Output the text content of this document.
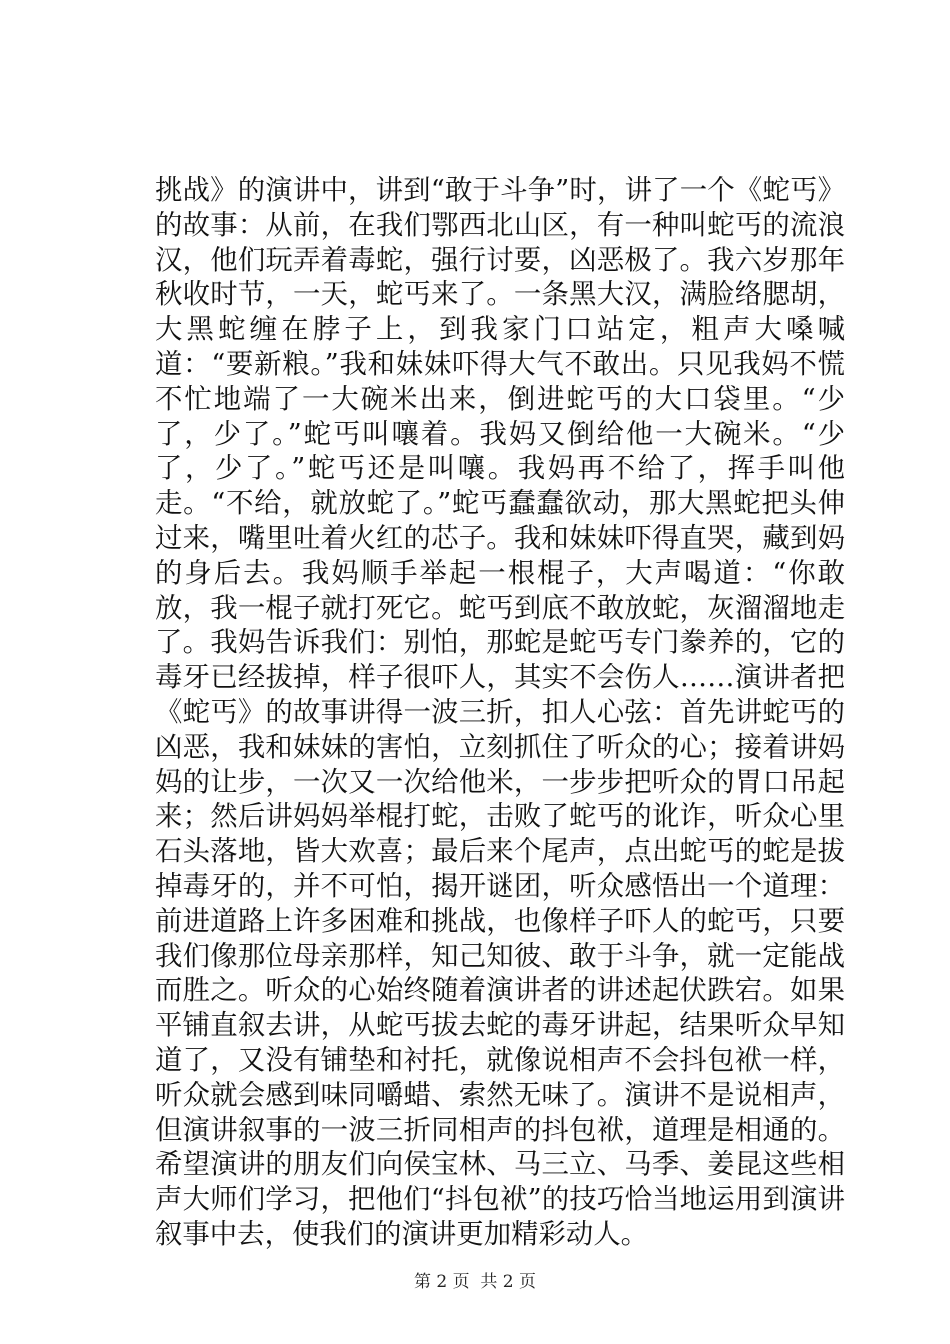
挑战》的演讲中，讲到“敢于斗争”时，讲了一个《蛇丐》的故事：从前，在我们鄂西北山区，有一种叫蛇丐的流浪汉，他们玩弄着毒蛇，强行讨要，凶恶极了。我六岁那年秋收时节，一天，蛇丐来了。一条黑大汉，满脸络腮胡，大黑蛇缠在脖子上，到我家门口站定，粗声大嗓喊道：“要新粮。”我和妹妹吓得大气不敢出。只见我妈不慌不忙地端了一大碗米出来，倒进蛇丐的大口袋里。“少了，少了。”蛇丐叫嚷着。我妈又倒给他一大碗米。“少了，少了。”蛇丐还是叫嚷。我妈再不给了，挥手叫他走。“不给，就放蛇了。”蛇丐蠢蠢欲动，那大黑蛇把头伸过来，嘴里吐着火红的芯子。我和妹妹吓得直哭，藏到妈的身后去。我妈顺手举起一根棍子，大声喝道：“你敢放，我一棍子就打死它。蛇丐到底不敢放蛇，灰溜溜地走了。我妈告诉我们：别怕，那蛇是蛇丐专门豢养的，它的毒牙已经拔掉，样子很吓人，其实不会伤人……演讲者把《蛇丐》的故事讲得一波三折，扣人心弦：首先讲蛇丐的凶恶，我和妹妹的害怕，立刻抓住了听众的心；接着讲妈妈的让步，一次又一次给他米，一步步把听众的胃口吊起来；然后讲妈妈举棍打蛇，击败了蛇丐的讹诈，听众心里石头落地，皆大欢喜；最后来个尾声，点出蛇丐的蛇是拔掉毒牙的，并不可怕，揭开谜团，听众感悟出一个道理：前进道路上许多困难和挑战，也像样子吓人的蛇丐，只要我们像那位母亲那样，知己知彼、敢于斗争，就一定能战而胜之。听众的心始终随着演讲者的讲述起伏跌宕。如果平铺直叙去讲，从蛇丐拔去蛇的毒牙讲起，结果听众早知道了，又没有铺垫和衬托，就像说相声不会抖包袱一样，听众就会感到味同嚼蜡、索然无味了。演讲不是说相声，但演讲叙事的一波三折同相声的抖包袱，道理是相通的。希望演讲的朋友们向侯宝林、马三立、马季、姜昆这些相声大师们学习，把他们“抖包袱”的技巧恰当地运用到演讲叙事中去，使我们的演讲更加精彩动人。

第 2 页 共 2 页
